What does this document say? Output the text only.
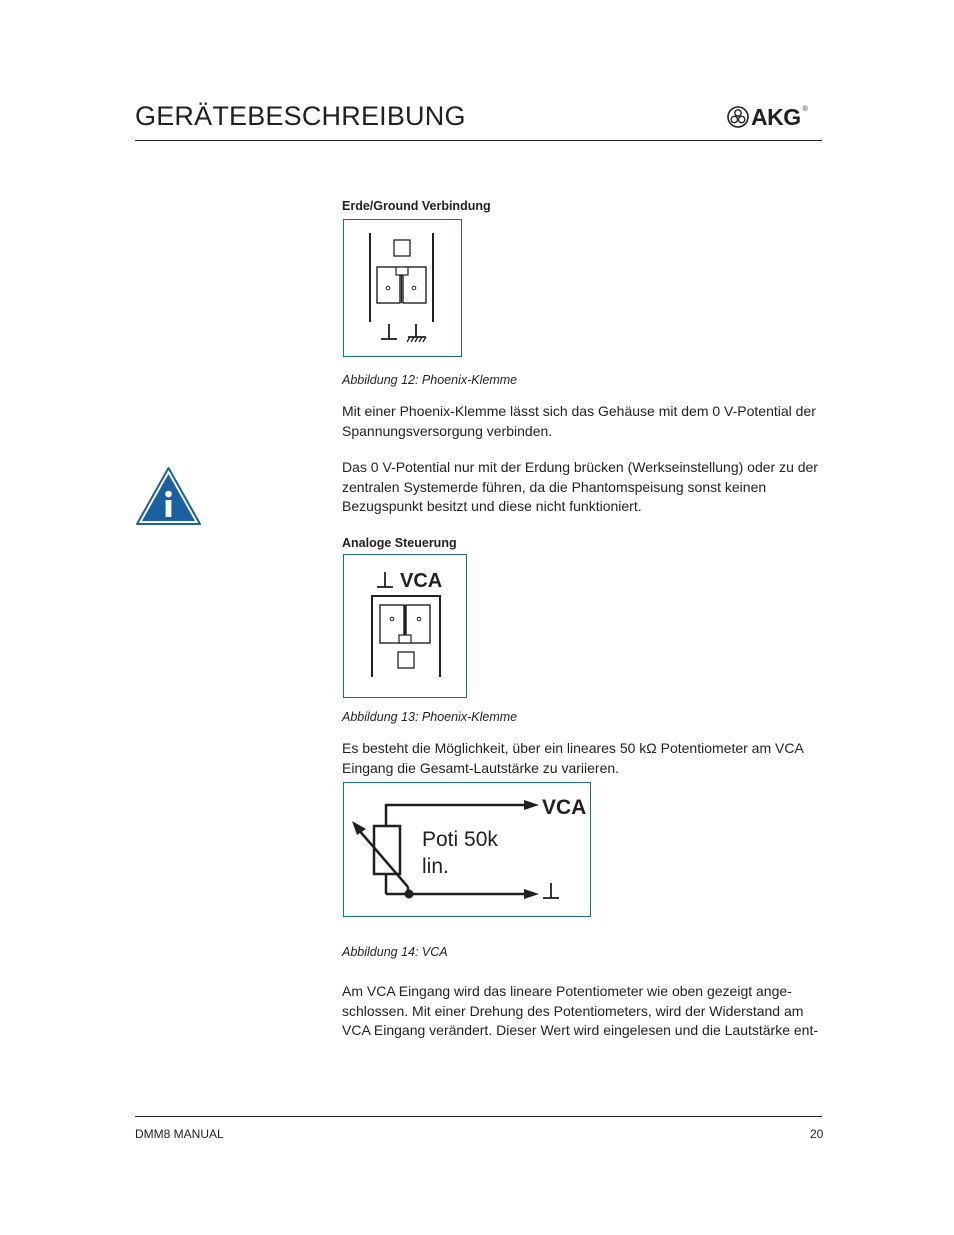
GERÄTEBESCHREIBUNG	AKG ®
Erde/Ground Verbindung
Abbildung 12: Phoenix-Klemme

Mit einer Phoenix-Klemme lässt sich das Gehäuse mit dem 0 V-Potential der Spannungsversorgung verbinden.

Das 0 V-Potential nur mit der Erdung brücken (Werkseinstellung) oder zu der zentralen Systemerde führen, da die Phantomspeisung sonst keinen Bezugspunkt besitzt und diese nicht funktioniert.

Analoge Steuerung
VCA
Abbildung 13: Phoenix-Klemme

Es besteht die Möglichkeit, über ein lineares 50 kΩ Potentiometer am VCA Eingang die Gesamt-Lautstärke zu variieren.

VCA
Poti 50k
lin.
Abbildung 14: VCA

Am VCA Eingang wird das lineare Potentiometer wie oben gezeigt ange-schlossen. Mit einer Drehung des Potentiometers, wird der Widerstand am VCA Eingang verändert. Dieser Wert wird eingelesen und die Lautstärke ent-

DMM8 MANUAL	20
